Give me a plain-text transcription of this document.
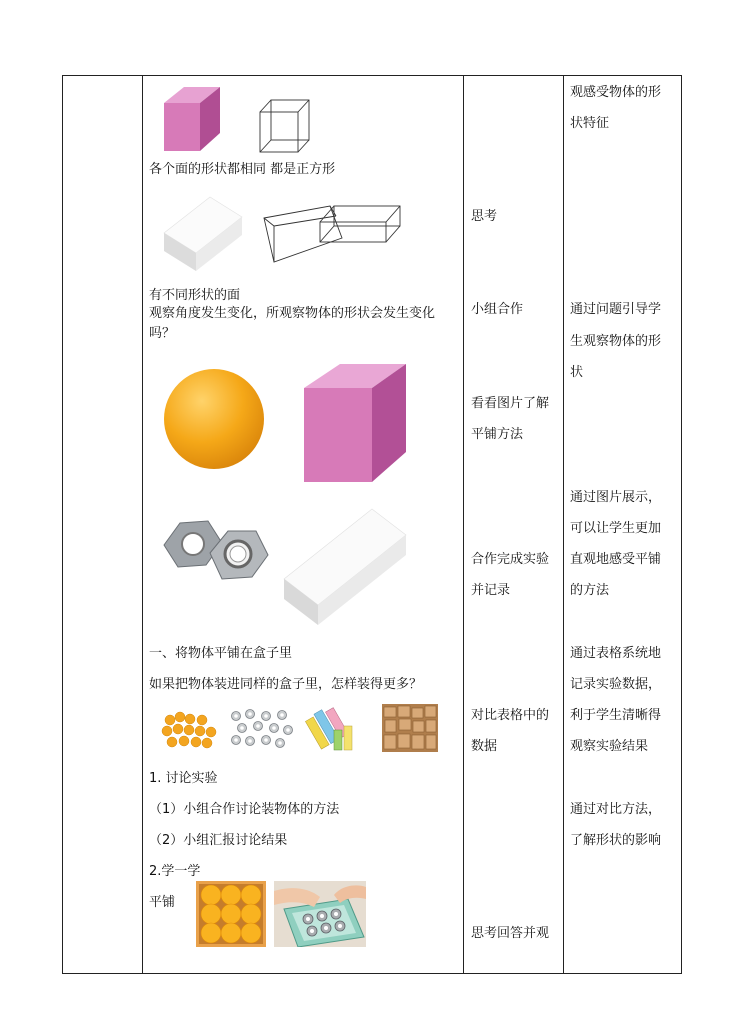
各个面的形状都相同 都是正方形
有不同形状的面
观察角度发生变化，所观察物体的形状会发生变化
吗？
一、将物体平铺在盒子里
如果把物体装进同样的盒子里，怎样装得更多？
1. 讨论实验
（1）小组合作讨论装物体的方法
（2）小组汇报讨论结果
2.学一学
平铺
思考
小组合作
看看图片了解
平铺方法
合作完成实验
并记录
对比表格中的
数据
思考回答并观
观感受物体的形
状特征
通过问题引导学
生观察物体的形
状
通过图片展示，
可以让学生更加
直观地感受平铺
的方法
通过表格系统地
记录实验数据，
利于学生清晰得
观察实验结果
通过对比方法，
了解形状的影响
